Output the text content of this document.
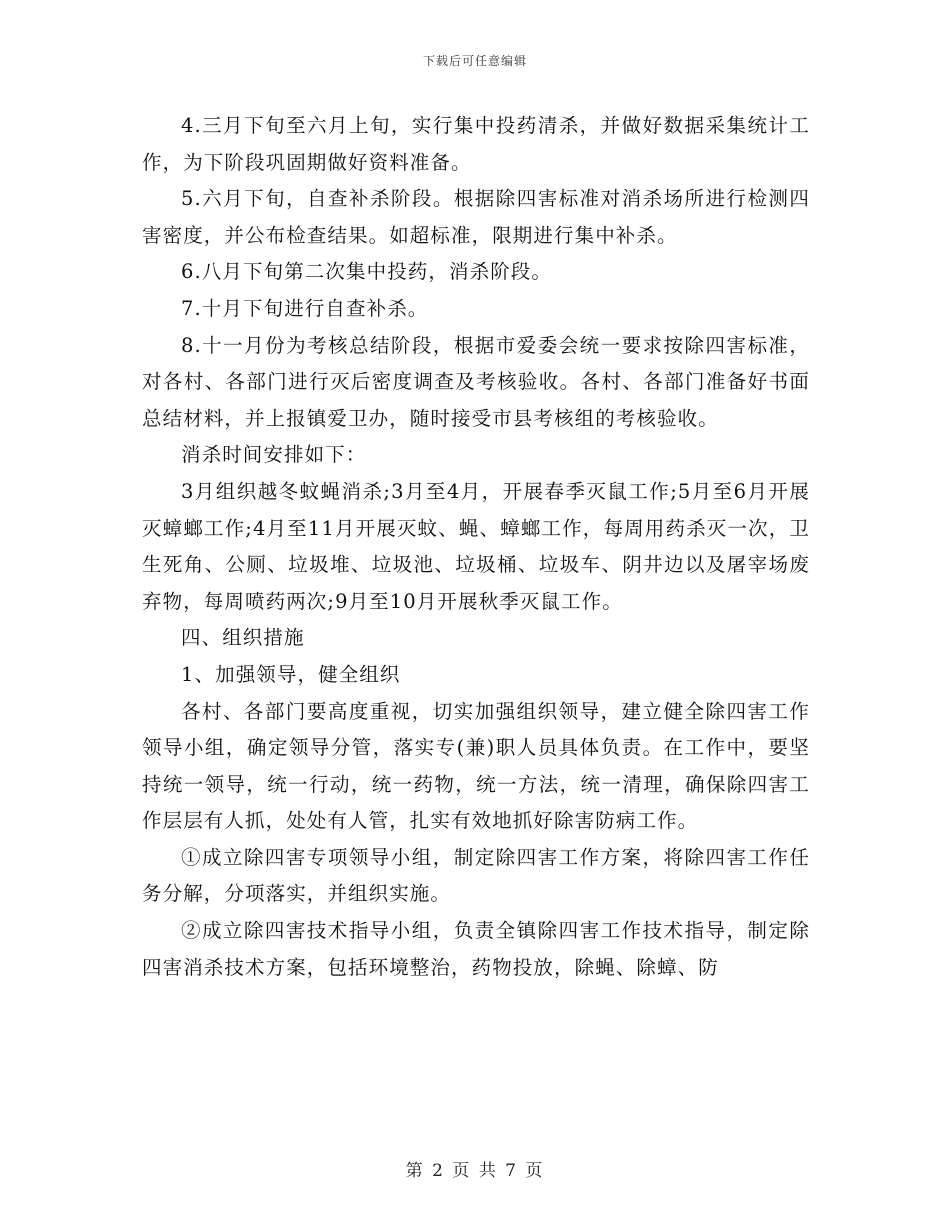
下载后可任意编辑

4.三月下旬至六月上旬，实行集中投药清杀，并做好数据采集统计工作，为下阶段巩固期做好资料准备。

5.六月下旬，自查补杀阶段。根据除四害标准对消杀场所进行检测四害密度，并公布检查结果。如超标准，限期进行集中补杀。

6.八月下旬第二次集中投药，消杀阶段。

7.十月下旬进行自查补杀。

8.十一月份为考核总结阶段，根据市爱委会统一要求按除四害标准，对各村、各部门进行灭后密度调查及考核验收。各村、各部门准备好书面总结材料，并上报镇爱卫办，随时接受市县考核组的考核验收。

消杀时间安排如下：

3月组织越冬蚊蝇消杀;3月至4月，开展春季灭鼠工作;5月至6月开展灭蟑螂工作;4月至11月开展灭蚊、蝇、蟑螂工作，每周用药杀灭一次，卫生死角、公厕、垃圾堆、垃圾池、垃圾桶、垃圾车、阴井边以及屠宰场废弃物，每周喷药两次;9月至10月开展秋季灭鼠工作。

四、组织措施

1、加强领导，健全组织

各村、各部门要高度重视，切实加强组织领导，建立健全除四害工作领导小组，确定领导分管，落实专(兼)职人员具体负责。在工作中，要坚持统一领导，统一行动，统一药物，统一方法，统一清理，确保除四害工作层层有人抓，处处有人管，扎实有效地抓好除害防病工作。

①成立除四害专项领导小组，制定除四害工作方案，将除四害工作任务分解，分项落实，并组织实施。

②成立除四害技术指导小组，负责全镇除四害工作技术指导，制定除四害消杀技术方案，包括环境整治，药物投放，除蝇、除蟑、防

第 2 页 共 7 页
